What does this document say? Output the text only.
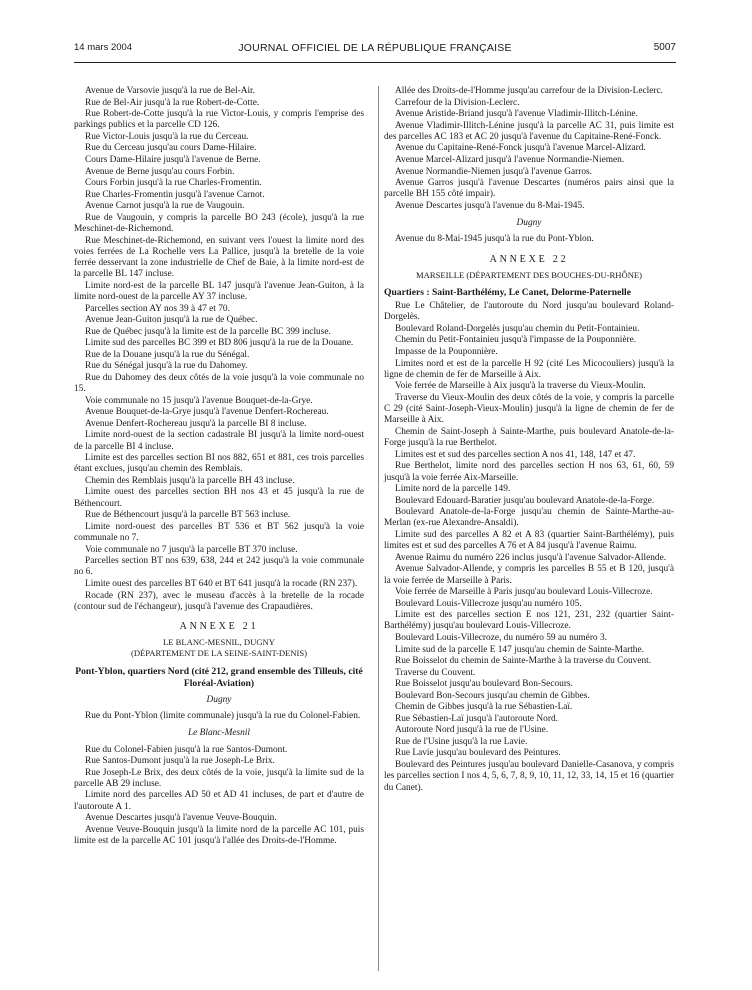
14 mars 2004	JOURNAL OFFICIEL DE LA RÉPUBLIQUE FRANÇAISE	5007

Avenue de Varsovie jusqu'à la rue de Bel-Air.

Rue de Bel-Air jusqu'à la rue Robert-de-Cotte.

Rue Robert-de-Cotte jusqu'à la rue Victor-Louis, y compris l'emprise des parkings publics et la parcelle CD 126.

Rue Victor-Louis jusqu'à la rue du Cerceau.

Rue du Cerceau jusqu'au cours Dame-Hilaire.

Cours Dame-Hilaire jusqu'à l'avenue de Berne.

Avenue de Berne jusqu'au cours Forbin.

Cours Forbin jusqu'à la rue Charles-Fromentin.

Rue Charles-Fromentin jusqu'à l'avenue Carnot.

Avenue Carnot jusqu'à la rue de Vaugouin.

Rue de Vaugouin, y compris la parcelle BO 243 (école), jusqu'à la rue Meschinet-de-Richemond.

Rue Meschinet-de-Richemond, en suivant vers l'ouest la limite nord des voies ferrées de La Rochelle vers La Pallice, jusqu'à la bretelle de la voie ferrée desservant la zone industrielle de Chef de Baie, à la limite nord-est de la parcelle BL 147 incluse.

Limite nord-est de la parcelle BL 147 jusqu'à l'avenue Jean-Guiton, à la limite nord-ouest de la parcelle AY 37 incluse.

Parcelles section AY nos 39 à 47 et 70.

Avenue Jean-Guiton jusqu'à la rue de Québec.

Rue de Québec jusqu'à la limite est de la parcelle BC 399 incluse.

Limite sud des parcelles BC 399 et BD 806 jusqu'à la rue de la Douane.

Rue de la Douane jusqu'à la rue du Sénégal.

Rue du Sénégal jusqu'à la rue du Dahomey.

Rue du Dahomey des deux côtés de la voie jusqu'à la voie communale no 15.

Voie communale no 15 jusqu'à l'avenue Bouquet-de-la-Grye.

Avenue Bouquet-de-la-Grye jusqu'à l'avenue Denfert-Rochereau.

Avenue Denfert-Rochereau jusqu'à la parcelle BI 8 incluse.

Limite nord-ouest de la section cadastrale BI jusqu'à la limite nord-ouest de la parcelle BI 4 incluse.

Limite est des parcelles section BI nos 882, 651 et 881, ces trois parcelles étant exclues, jusqu'au chemin des Remblais.

Chemin des Remblais jusqu'à la parcelle BH 43 incluse.

Limite ouest des parcelles section BH nos 43 et 45 jusqu'à la rue de Béthencourt.

Rue de Béthencourt jusqu'à la parcelle BT 563 incluse.

Limite nord-ouest des parcelles BT 536 et BT 562 jusqu'à la voie communale no 7.

Voie communale no 7 jusqu'à la parcelle BT 370 incluse.

Parcelles section BT nos 639, 638, 244 et 242 jusqu'à la voie communale no 6.

Limite ouest des parcelles BT 640 et BT 641 jusqu'à la rocade (RN 237).

Rocade (RN 237), avec le museau d'accès à la bretelle de la rocade (contour sud de l'échangeur), jusqu'à l'avenue des Crapaudières.

ANNEXE 21

LE BLANC-MESNIL, DUGNY

(DÉPARTEMENT DE LA SEINE-SAINT-DENIS)

Pont-Yblon, quartiers Nord (cité 212, grand ensemble des Tilleuls, cité Floréal-Aviation)

Dugny

Rue du Pont-Yblon (limite communale) jusqu'à la rue du Colonel-Fabien.

Le Blanc-Mesnil

Rue du Colonel-Fabien jusqu'à la rue Santos-Dumont.

Rue Santos-Dumont jusqu'à la rue Joseph-Le Brix.

Rue Joseph-Le Brix, des deux côtés de la voie, jusqu'à la limite sud de la parcelle AB 29 incluse.

Limite nord des parcelles AD 50 et AD 41 incluses, de part et d'autre de l'autoroute A 1.

Avenue Descartes jusqu'à l'avenue Veuve-Bouquin.

Avenue Veuve-Bouquin jusqu'à la limite nord de la parcelle AC 101, puis limite est de la parcelle AC 101 jusqu'à l'allée des Droits-de-l'Homme.

Allée des Droits-de-l'Homme jusqu'au carrefour de la Division-Leclerc.

Carrefour de la Division-Leclerc.

Avenue Aristide-Briand jusqu'à l'avenue Vladimir-Illitch-Lénine.

Avenue Vladimir-Illitch-Lénine jusqu'à la parcelle AC 31, puis limite est des parcelles AC 183 et AC 20 jusqu'à l'avenue du Capitaine-René-Fonck.

Avenue du Capitaine-René-Fonck jusqu'à l'avenue Marcel-Alizard.

Avenue Marcel-Alizard jusqu'à l'avenue Normandie-Niemen.

Avenue Normandie-Niemen jusqu'à l'avenue Garros.

Avenue Garros jusqu'à l'avenue Descartes (numéros pairs ainsi que la parcelle BH 155 côté impair).

Avenue Descartes jusqu'à l'avenue du 8-Mai-1945.

Dugny

Avenue du 8-Mai-1945 jusqu'à la rue du Pont-Yblon.

ANNEXE 22

MARSEILLE (DÉPARTEMENT DES BOUCHES-DU-RHÔNE)

Quartiers : Saint-Barthélémy, Le Canet, Delorme-Paternelle

Rue Le Châtelier, de l'autoroute du Nord jusqu'au boulevard Roland-Dorgelès.

Boulevard Roland-Dorgelès jusqu'au chemin du Petit-Fontainieu.

Chemin du Petit-Fontainieu jusqu'à l'impasse de la Pouponnière.

Impasse de la Pouponnière.

Limites nord et est de la parcelle H 92 (cité Les Micocouliers) jusqu'à la ligne de chemin de fer de Marseille à Aix.

Voie ferrée de Marseille à Aix jusqu'à la traverse du Vieux-Moulin.

Traverse du Vieux-Moulin des deux côtés de la voie, y compris la parcelle C 29 (cité Saint-Joseph-Vieux-Moulin) jusqu'à la ligne de chemin de fer de Marseille à Aix.

Chemin de Saint-Joseph à Sainte-Marthe, puis boulevard Anatole-de-la-Forge jusqu'à la rue Berthelot.

Limites est et sud des parcelles section A nos 41, 148, 147 et 47.

Rue Berthelot, limite nord des parcelles section H nos 63, 61, 60, 59 jusqu'à la voie ferrée Aix-Marseille.

Limite nord de la parcelle 149.

Boulevard Edouard-Baratier jusqu'au boulevard Anatole-de-la-Forge.

Boulevard Anatole-de-la-Forge jusqu'au chemin de Sainte-Marthe-au-Merlan (ex-rue Alexandre-Ansaldi).

Limite sud des parcelles A 82 et A 83 (quartier Saint-Barthélémy), puis limites est et sud des parcelles A 76 et A 84 jusqu'à l'avenue Raimu.

Avenue Raimu du numéro 226 inclus jusqu'à l'avenue Salvador-Allende.

Avenue Salvador-Allende, y compris les parcelles B 55 et B 120, jusqu'à la voie ferrée de Marseille à Paris.

Voie ferrée de Marseille à Paris jusqu'au boulevard Louis-Villecroze.

Boulevard Louis-Villecroze jusqu'au numéro 105.

Limite est des parcelles section E nos 121, 231, 232 (quartier Saint-Barthélémy) jusqu'au boulevard Louis-Villecroze.

Boulevard Louis-Villecroze, du numéro 59 au numéro 3.

Limite sud de la parcelle E 147 jusqu'au chemin de Sainte-Marthe.

Rue Boisselot du chemin de Sainte-Marthe à la traverse du Couvent.

Traverse du Couvent.

Rue Boisselot jusqu'au boulevard Bon-Secours.

Boulevard Bon-Secours jusqu'au chemin de Gibbes.

Chemin de Gibbes jusqu'à la rue Sébastien-Laï.

Rue Sébastien-Laï jusqu'à l'autoroute Nord.

Autoroute Nord jusqu'à la rue de l'Usine.

Rue de l'Usine jusqu'à la rue Lavie.

Rue Lavie jusqu'au boulevard des Peintures.

Boulevard des Peintures jusqu'au boulevard Danielle-Casanova, y compris les parcelles section I nos 4, 5, 6, 7, 8, 9, 10, 11, 12, 33, 14, 15 et 16 (quartier du Canet).
